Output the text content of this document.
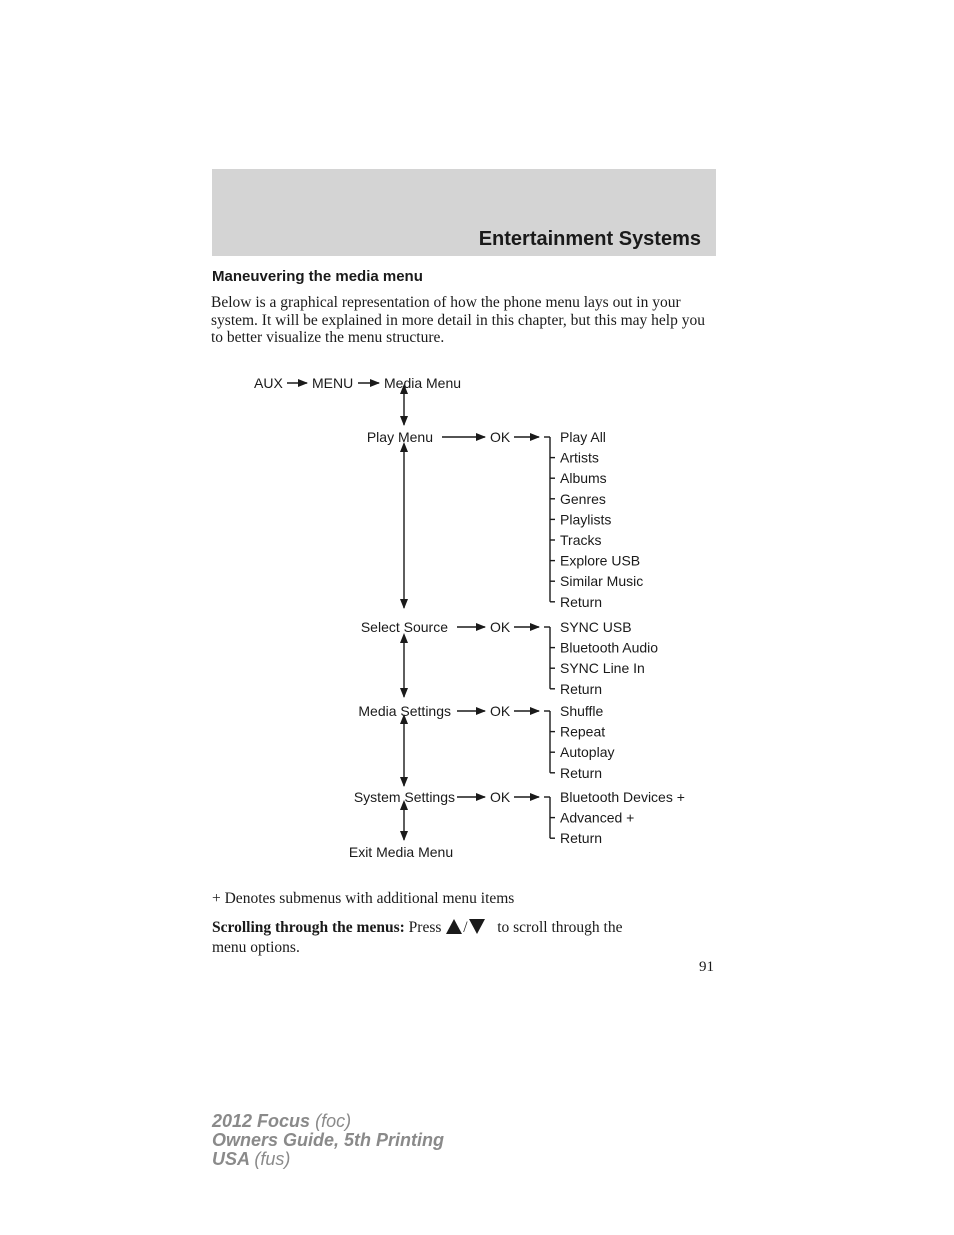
Entertainment Systems
Maneuvering the media menu
Below is a graphical representation of how the phone menu lays out in your system. It will be explained in more detail in this chapter, but this may help you to better visualize the menu structure.
AUX MENU Media Menu
Play Menu	OK	Play All
Artists
Albums
Genres
Playlists
Tracks
Explore USB
Similar Music
Return
Select Source	OK	SYNC USB
Bluetooth Audio
SYNC Line In
Return
Media Settings	OK	Shuffle
Repeat
Autoplay
Return
System Settings	OK	Bluetooth Devices +
Advanced +
Return
Exit Media Menu
+ Denotes submenus with additional menu items
Scrolling through the menus: Press / to scroll through the
menu options.
91
2012 Focus (foc)
Owners Guide, 5th Printing
USA (fus)
